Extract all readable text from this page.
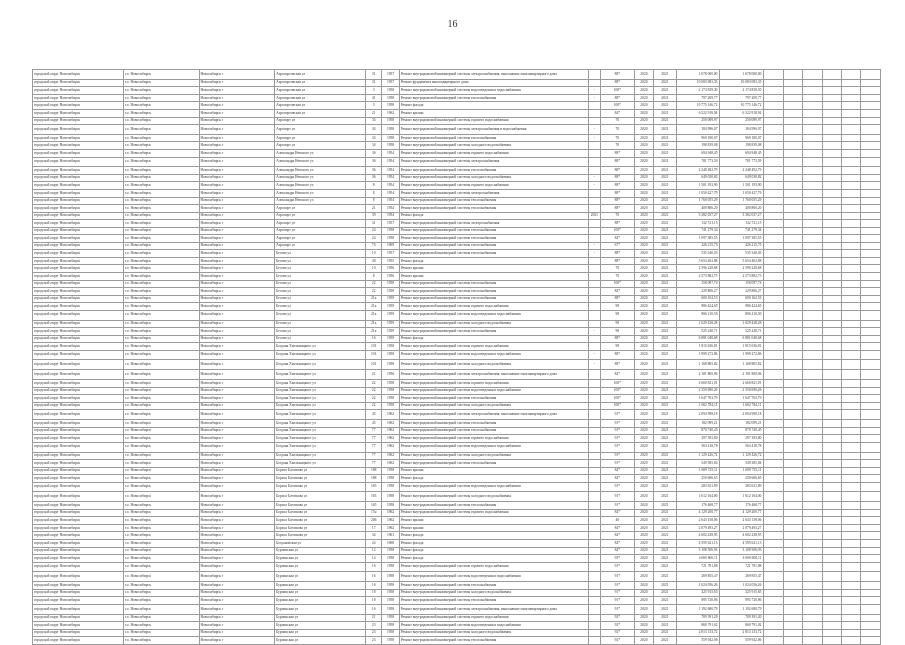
16
городской округ Новосибирск	г.о. Новосибирск	Новосибирск г	Аэропортовская ул	31	1957	Ремонт внутридомовой инженерной системы электроснабжения, выполнение многоквартирного дома		88*	2020	2021	1 678 000,00	1 678 000,00						
городской округ Новосибирск	г.о. Новосибирск	Новосибирск г	Аэропортовская ул	31	1957	Ремонт фундамента многоквартирного дома		88*	2020	2021	10 083 083,35	10 083 083,35						
городской округ Новосибирск	г.о. Новосибирск	Новосибирск г	Аэропортовская ул	3	1958	Ремонт внутридомовой инженерной системы водоотведения и водоснабжения	-	100*	2020	2021	2 174 839,30	2 174 839,30						
городской округ Новосибирск	г.о. Новосибирск	Новосибирск г	Аэропортовская ул	41	1958	Ремонт внутридомовой инженерной системы теплоснабжения	-	88*	2020	2021	797 209,77	797 209,77						
городской округ Новосибирск	г.о. Новосибирск	Новосибирск г	Аэропортовская ул	3	1958	Ремонт фасада		100*	2020	2021	10 775 146,72	10 775 146,72						
городской округ Новосибирск	г.о. Новосибирск	Новосибирск г	Аэропортовская ул	21	1962	Ремонт крыши		84*	2020	2021	6 522 918,94	6 522 918,94						
городской округ Новосибирск	г.о. Новосибирск	Новосибирск г	Аэропорт ул	34	1958	Ремонт внутридомовой инженерной системы горячего водоснабжения		70	2020	2021	250 089,97	250 089,97						
городской округ Новосибирск	г.о. Новосибирск	Новосибирск г	Аэропорт ул	34	1958	Ремонт внутридомовой инженерной системы электроснабжения и водоснабжения	-	70	2020	2021	184 996,07	184 996,07						
городской округ Новосибирск	г.о. Новосибирск	Новосибирск г	Аэропорт ул	34	1958	Ремонт внутридомовой инженерной системы теплоснабжения	-	70	2020	2021	969 180,07	969 180,07						
городской округ Новосибирск	г.о. Новосибирск	Новосибирск г	Аэропорт ул	34	1958	Ремонт внутридомовой инженерной системы холодного водоснабжения		70	2020	2021	198 839,08	198 839,08						
городской округ Новосибирск	г.о. Новосибирск	Новосибирск г	Александра Невского ул	36	1954	Ремонт внутридомовой инженерной системы горячего водоснабжения		88*	2020	2021	694 948,45	694 948,45						
городской округ Новосибирск	г.о. Новосибирск	Новосибирск г	Александра Невского ул	36	1954	Ремонт внутридомовой инженерной системы электроснабжения		88*	2020	2021	781 773,59	781 773,59						
городской округ Новосибирск	г.о. Новосибирск	Новосибирск г	Александра Невского ул	36	1954	Ремонт внутридомовой инженерной системы теплоснабжения		88*	2020	2021	2 248 492,79	2 248 492,79						
городской округ Новосибирск	г.о. Новосибирск	Новосибирск г	Александра Невского ул	36	1954	Ремонт внутридомовой инженерной системы холодного водоснабжения	-	88*	2020	2021	649 030,82	649 030,82						
городской округ Новосибирск	г.о. Новосибирск	Новосибирск г	Александра Невского ул	8	1954	Ремонт внутридомовой инженерной системы горячего водоснабжения	-	88*	2020	2021	1 501 193,90	1 501 193,90						
городской округ Новосибирск	г.о. Новосибирск	Новосибирск г	Александра Невского ул	8	1954	Ремонт внутридомовой инженерной системы электроснабжения		88*	2020	2021	1 050 427,79	1 050 427,79						
городской округ Новосибирск	г.о. Новосибирск	Новосибирск г	Александра Невского ул	8	1954	Ремонт внутридомовой инженерной системы теплоснабжения		88*	2020	2021	1 760 055,29	1 760 055,29						
городской округ Новосибирск	г.о. Новосибирск	Новосибирск г	Аэропорт ул	21	1954	Ремонт внутридомовой инженерной системы теплоснабжения		88*	2020	2021	400 806,20	400 806,20						
городской округ Новосибирск	г.о. Новосибирск	Новосибирск г	Аэропорт ул	39	1954	Ремонт фасада	2021	70	2020	2021	3 382 037,27	3 382 037,27						
городской округ Новосибирск	г.о. Новосибирск	Новосибирск г	Аэропорт ул	31	1957	Ремонт внутридомовой инженерной системы электроснабжения		88*	2020	2021	132 721,15	132 721,15						
городской округ Новосибирск	г.о. Новосибирск	Новосибирск г	Аэропорт ул	24	1958	Ремонт внутридомовой инженерной системы теплоснабжения		100*	2020	2021	741 279,34	741 279,34						
городской округ Новосибирск	г.о. Новосибирск	Новосибирск г	Аэропорт ул	24	1958	Ремонт внутридомовой инженерной системы теплоснабжения		84*	2020	2021	1 097 385,55	1 097 385,55						
городской округ Новосибирск	г.о. Новосибирск	Новосибирск г	Аэропорт ул	74	1969	Ремонт внутридомовой инженерной системы теплоснабжения	-	67*	2020	2021	426 215,75	426 215,75						
городской округ Новосибирск	г.о. Новосибирск	Новосибирск г	Бесова ул	10	1957	Ремонт внутридомовой инженерной системы теплоснабжения	-	88*	2020	2021	535 340,03	535 340,03						
городской округ Новосибирск	г.о. Новосибирск	Новосибирск г	Бесова ул	40	1955	Ремонт фасада		88*	2020	2021	5 654 402,88	5 654 402,88						
городской округ Новосибирск	г.о. Новосибирск	Новосибирск г	Бесова ул	10	1956	Ремонт крыши		70	2020	2021	2 596 228,68	2 596 228,68						
городской округ Новосибирск	г.о. Новосибирск	Новосибирск г	Бесова ул	8	1956	Ремонт крыши		70	2020	2021	2 573 882,75	2 573 882,75						
городской округ Новосибирск	г.о. Новосибирск	Новосибирск г	Бесова ул	22	1958	Ремонт внутридомовой инженерной системы теплоснабжения		100*	2020	2021	158 097,74	158 097,74						
городской округ Новосибирск	г.о. Новосибирск	Новосибирск г	Бесова ул	22	1958	Ремонт внутридомовой инженерной системы теплоснабжения		84*	2020	2021	229 806,27	229 806,27						
городской округ Новосибирск	г.о. Новосибирск	Новосибирск г	Бесова ул	21a	1959	Ремонт внутридомовой инженерной системы теплоснабжения		88*	2020	2021	600 162,53	600 162,53						
городской округ Новосибирск	г.о. Новосибирск	Новосибирск г	Бесова ул	21a	1959	Ремонт внутридомовой инженерной системы горячего водоснабжения		98	2020	2021	986 424,65	986 424,65						
городской округ Новосибирск	г.о. Новосибирск	Новосибирск г	Бесова ул	21a	1959	Ремонт внутридомовой инженерной системы водоотведения и водоснабжения		98	2020	2021	806 210,50	806 210,50						
городской округ Новосибирск	г.о. Новосибирск	Новосибирск г	Бесова ул	21a	1959	Ремонт внутридомовой инженерной системы холодного водоснабжения		98	2020	2021	1 029 428,28	1 029 428,28						
городской округ Новосибирск	г.о. Новосибирск	Новосибирск г	Бесова ул	21a	1959	Ремонт внутридомовой инженерной системы теплоснабжения	-	98	2020	2021	525 240,71	525 240,71						
городской округ Новосибирск	г.о. Новосибирск	Новосибирск г	Бесова ул	16	1959	Ремонт фасада		88*	2020	2021	6 881 048,68	6 881 048,68						
городской округ Новосибирск	г.о. Новосибирск	Новосибирск г	Богдана Хмельницкого ул	101	1958	Ремонт внутридомовой инженерной системы горячего водоснабжения		98	2020	2021	1 815 636,81	1 815 636,81						
городской округ Новосибирск	г.о. Новосибирск	Новосибирск г	Богдана Хмельницкого ул	101	1958	Ремонт внутридомовой инженерной системы водоотведения и водоснабжения	-	88*	2020	2021	1 999 272,86	1 999 272,86						
городской округ Новосибирск	г.о. Новосибирск	Новосибирск г	Богдана Хмельницкого ул	101	1958	Ремонт внутридомовой инженерной системы холодного водоснабжения	-	88*	2020	2021	1 168 805,82	1 168 805,82						
городской округ Новосибирск	г.о. Новосибирск	Новосибирск г	Богдана Хмельницкого ул	21	1956	Ремонт внутридомовой инженерной системы электроснабжения, выполнение многоквартирного дома		84*	2020	2021	2 181 800,06	2 181 800,06						
городской округ Новосибирск	г.о. Новосибирск	Новосибирск г	Богдана Хмельницкого ул	22	1958	Ремонт внутридомовой инженерной системы горячего водоснабжения		100*	2020	2021	2 660 821,01	2 660 821,01						
городской округ Новосибирск	г.о. Новосибирск	Новосибирск г	Богдана Хмельницкого ул	22	1958	Ремонт внутридомовой инженерной системы водоотведения и водоснабжения		100*	2020	2021	2 350 690,26	2 350 690,26						
городской округ Новосибирск	г.о. Новосибирск	Новосибирск г	Богдана Хмельницкого ул	22	1958	Ремонт внутридомовой инженерной системы теплоснабжения		100*	2020	2021	1 647 763,79	1 647 763,79						
городской округ Новосибирск	г.о. Новосибирск	Новосибирск г	Богдана Хмельницкого ул	22	1958	Ремонт внутридомовой инженерной системы холодного водоснабжения		100*	2020	2021	1 602 784,11	1 602 784,11						
городской округ Новосибирск	г.о. Новосибирск	Новосибирск г	Богдана Хмельницкого ул	45	1962	Ремонт внутридомовой инженерной системы электроснабжения, выполнение многоквартирного дома		91*	2020	2021	2 094 998,18	2 094 998,18						
городской округ Новосибирск	г.о. Новосибирск	Новосибирск г	Богдана Хмельницкого ул	45	1962	Ремонт внутридомовой инженерной системы теплоснабжения		91*	2020	2021	182 099,21	182 099,21						
городской округ Новосибирск	г.о. Новосибирск	Новосибирск г	Богдана Хмельницкого ул	77	1962	Ремонт внутридомовой инженерной системы теплоснабжения		91*	2020	2021	870 740,45	870 740,45						
городской округ Новосибирск	г.о. Новосибирск	Новосибирск г	Богдана Хмельницкого ул	77	1962	Ремонт внутридомовой инженерной системы горячего водоснабжения		91*	2020	2021	297 393,80	297 393,80						
городской округ Новосибирск	г.о. Новосибирск	Новосибирск г	Богдана Хмельницкого ул	77	1962	Ремонт внутридомовой инженерной системы водоотведения и водоснабжения		91*	2020	2021	563 418,78	563 418,78						
городской округ Новосибирск	г.о. Новосибирск	Новосибирск г	Богдана Хмельницкого ул	77	1962	Ремонт внутридомовой инженерной системы холодного водоснабжения		91*	2020	2021	1 129 426,72	1 129 426,72						
городской округ Новосибирск	г.о. Новосибирск	Новосибирск г	Богдана Хмельницкого ул	77	1962	Ремонт внутридомовой инженерной системы теплоснабжения		91*	2020	2021	549 385,84	549 385,84						
городской округ Новосибирск	г.о. Новосибирск	Новосибирск г	Бориса Богаткова ул	188	1958	Ремонт крыши		84*	2020	2021	1 609 725,11	1 609 725,11						
городской округ Новосибирск	г.о. Новосибирск	Новосибирск г	Бориса Богаткова ул	188	1958	Ремонт фасада		84*	2020	2021	250 606,65	250 606,65						
городской округ Новосибирск	г.о. Новосибирск	Новосибирск г	Бориса Богаткова ул	165	1958	Ремонт внутридомовой инженерной системы водоотведения и водоснабжения		91*	2020	2021	283 631,89	283 631,89						
городской округ Новосибирск	г.о. Новосибирск	Новосибирск г	Бориса Богаткова ул	165	1958	Ремонт внутридомовой инженерной системы холодного водоснабжения		91*	2020	2021	1 612 164,00	1 612 164,00						
городской округ Новосибирск	г.о. Новосибирск	Новосибирск г	Бориса Богаткова ул	165	1958	Ремонт внутридомовой инженерной системы теплоснабжения		91*	2020	2021	176 468,77	176 468,77						
городской округ Новосибирск	г.о. Новосибирск	Новосибирск г	Бориса Богаткова ул	17н	1962	Ремонт внутридомовой инженерной системы горячего водоснабжения		84*	2020	2021	4 129 200,77	4 129 200,77						
городской округ Новосибирск	г.о. Новосибирск	Новосибирск г	Бориса Богаткова ул	206	1962	Ремонт крыши		40	2020	2021	2 643 158,06	2 643 158,06						
городской округ Новосибирск	г.о. Новосибирск	Новосибирск г	Бориса Богаткова ул	17	1962	Ремонт крыши		84*	2020	2021	2 079 493,27	2 079 493,27						
городской округ Новосибирск	г.о. Новосибирск	Новосибирск г	Бориса Богаткова ул	34	1961	Ремонт фасада		84*	2020	2021	4 602 238,95	4 602 238,95						
городской округ Новосибирск	г.о. Новосибирск	Новосибирск г	Богдановская ул	24	1960	Ремонт фасада		84*	2020	2021	4 595 621,13	4 595 621,13						
городской округ Новосибирск	г.о. Новосибирск	Новосибирск г	Бурлинская ул	12	1958	Ремонт фасада		84*	2020	2021	3 108 506,93	3 108 506,93						
городской округ Новосибирск	г.о. Новосибирск	Новосибирск г	Бурлинская ул	14	1958	Ремонт фасада		93*	2020	2021	4 000 600,11	4 000 600,11						
городской округ Новосибирск	г.о. Новосибирск	Новосибирск г	Бурлинская ул	16	1958	Ремонт внутридомовой инженерной системы горячего водоснабжения		91*	2020	2021	721 781,88	721 781,88						
городской округ Новосибирск	г.о. Новосибирск	Новосибирск г	Бурлинская ул	16	1958	Ремонт внутридомовой инженерной системы водоотведения и водоснабжения		91*	2020	2021	269 855,47	269 855,47						
городской округ Новосибирск	г.о. Новосибирск	Новосибирск г	Бурлинская ул	16	1958	Ремонт внутридомовой инженерной системы теплоснабжения		91*	2020	2021	1 024 056,26	1 024 056,26						
городской округ Новосибирск	г.о. Новосибирск	Новосибирск г	Бурлинская ул	18	1958	Ремонт внутридомовой инженерной системы холодного водоснабжения		91*	2020	2021	325 915,65	325 915,65						
городской округ Новосибирск	г.о. Новосибирск	Новосибирск г	Бурлинская ул	18	1958	Ремонт внутридомовой инженерной системы теплоснабжения		91*	2020	2021	895 720,86	895 720,86						
городской округ Новосибирск	г.о. Новосибирск	Новосибирск г	Бурлинская ул	16	1958	Ремонт внутридомовой инженерной системы электроснабжения, выполнение многоквартирного дома		91*	2020	2021	1 192 680,79	1 192 680,79						
городской округ Новосибирск	г.о. Новосибирск	Новосибирск г	Бурлинская ул	21	1958	Ремонт внутридомовой инженерной системы горячего водоснабжения		92*	2020	2021	709 391,20	709 391,20						
городской округ Новосибирск	г.о. Новосибирск	Новосибирск г	Бурлинская ул	23	1958	Ремонт внутридомовой инженерной системы водоотведения и водоснабжения		92*	2020	2021	860 791,02	860 791,02						
городской округ Новосибирск	г.о. Новосибирск	Новосибирск г	Бурлинская ул	23	1958	Ремонт внутридомовой инженерной системы холодного водоснабжения		92*	2020	2021	2 813 133,72	2 813 133,72						
городской округ Новосибирск	г.о. Новосибирск	Новосибирск г	Бурлинская ул	23	1958	Ремонт внутридомовой инженерной системы теплоснабжения		92*	2020	2021	559 942,06	559 942,06						
